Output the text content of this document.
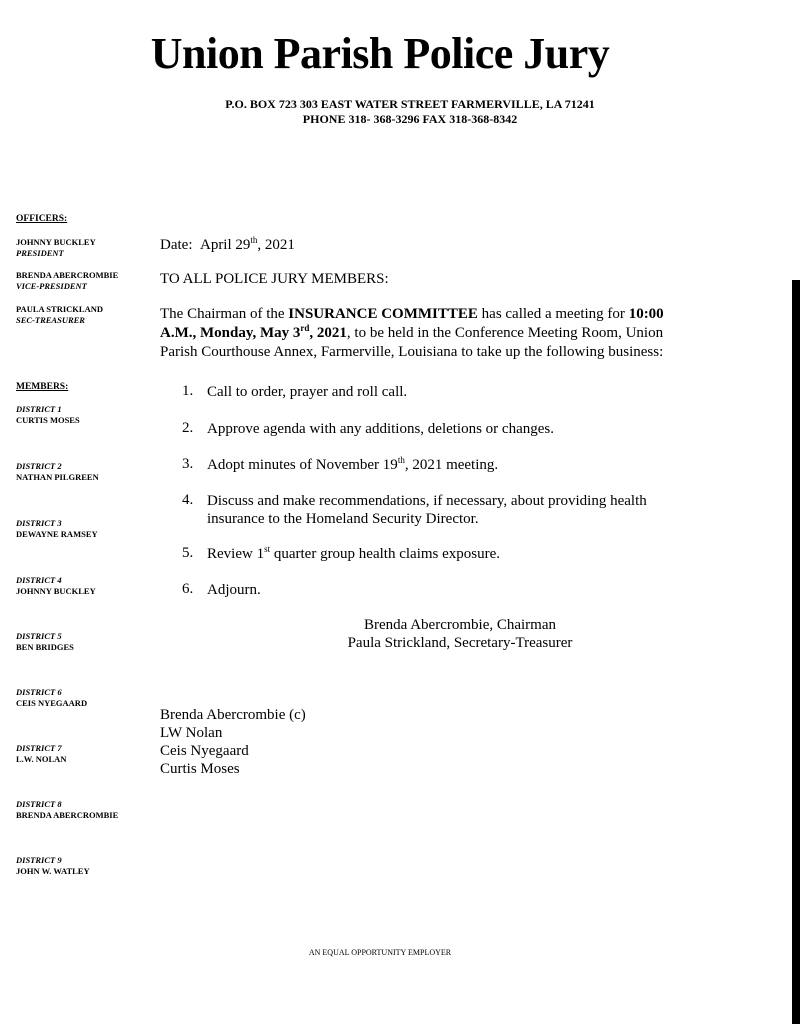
Union Parish Police Jury
P.O. BOX 723 303 EAST WATER STREET FARMERVILLE, LA 71241
PHONE 318- 368-3296 FAX 318-368-8342
OFFICERS:
JOHNNY BUCKLEY
PRESIDENT
BRENDA ABERCROMBIE
VICE-PRESIDENT
PAULA STRICKLAND
SEC-TREASURER
MEMBERS:
DISTRICT 1
CURTIS MOSES
DISTRICT 2
NATHAN PILGREEN
DISTRICT 3
DEWAYNE RAMSEY
DISTRICT 4
JOHNNY BUCKLEY
DISTRICT 5
BEN BRIDGES
DISTRICT 6
CEIS NYEGAARD
DISTRICT 7
L.W. NOLAN
DISTRICT 8
BRENDA ABERCROMBIE
DISTRICT 9
JOHN W. WATLEY
Date: April 29th, 2021
TO ALL POLICE JURY MEMBERS:
The Chairman of the INSURANCE COMMITTEE has called a meeting for 10:00 A.M., Monday, May 3rd, 2021, to be held in the Conference Meeting Room, Union Parish Courthouse Annex, Farmerville, Louisiana to take up the following business:
1. Call to order, prayer and roll call.
2. Approve agenda with any additions, deletions or changes.
3. Adopt minutes of November 19th, 2021 meeting.
4. Discuss and make recommendations, if necessary, about providing health insurance to the Homeland Security Director.
5. Review 1st quarter group health claims exposure.
6. Adjourn.
Brenda Abercrombie, Chairman
Paula Strickland, Secretary-Treasurer
Brenda Abercrombie (c)
LW Nolan
Ceis Nyegaard
Curtis Moses
AN EQUAL OPPORTUNITY EMPLOYER
